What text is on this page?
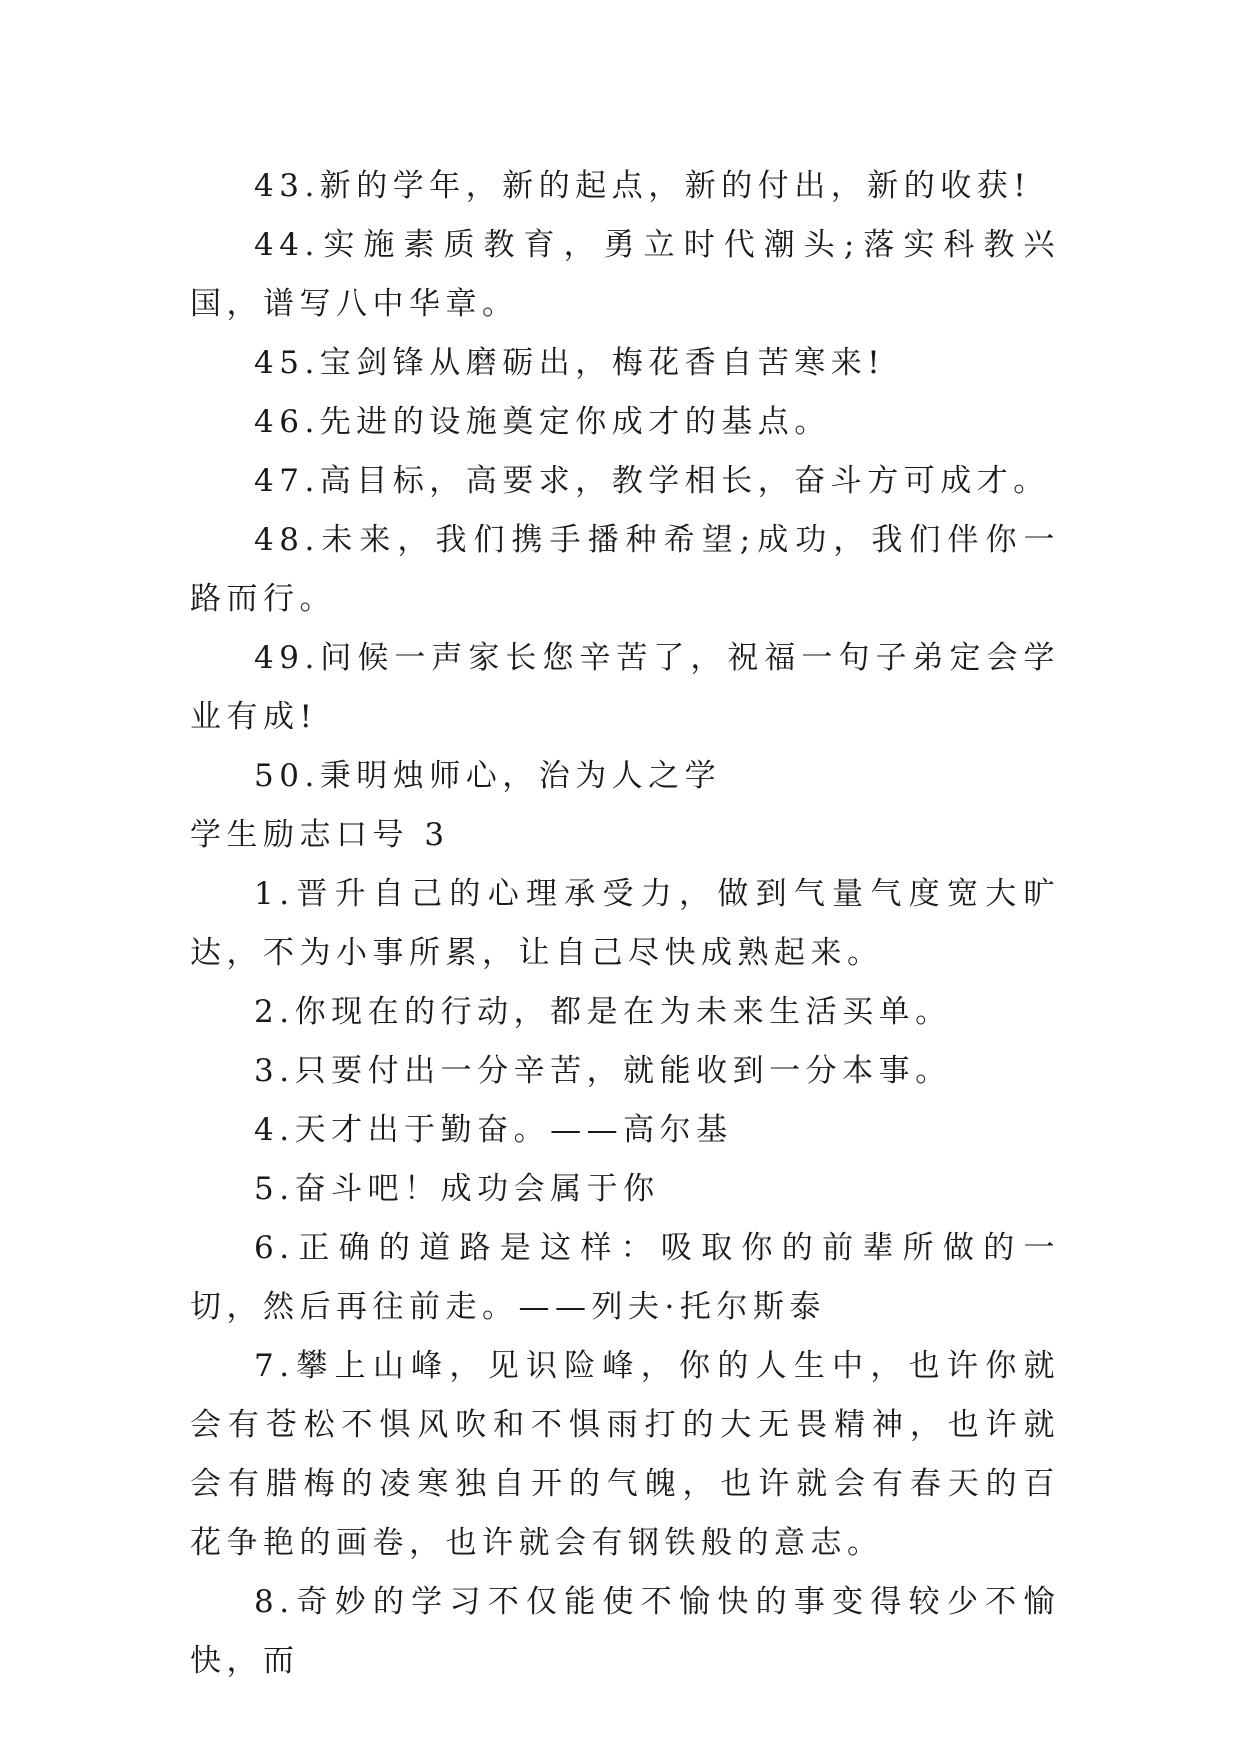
43.新的学年，新的起点，新的付出，新的收获!

44.实施素质教育，勇立时代潮头;落实科教兴国，谱写八中华章。

45.宝剑锋从磨砺出，梅花香自苦寒来!

46.先进的设施奠定你成才的基点。

47.高目标，高要求，教学相长，奋斗方可成才。

48.未来，我们携手播种希望;成功，我们伴你一路而行。

49.问候一声家长您辛苦了，祝福一句子弟定会学业有成!

50.秉明烛师心，治为人之学

学生励志口号 3

1.晋升自己的心理承受力，做到气量气度宽大旷达，不为小事所累，让自己尽快成熟起来。

2.你现在的行动，都是在为未来生活买单。

3.只要付出一分辛苦，就能收到一分本事。

4.天才出于勤奋。——高尔基

5.奋斗吧！成功会属于你

6.正确的道路是这样：吸取你的前辈所做的一切，然后再往前走。——列夫·托尔斯泰

7.攀上山峰，见识险峰，你的人生中，也许你就会有苍松不惧风吹和不惧雨打的大无畏精神，也许就会有腊梅的凌寒独自开的气魄，也许就会有春天的百花争艳的画卷，也许就会有钢铁般的意志。

8.奇妙的学习不仅能使不愉快的事变得较少不愉快，而
